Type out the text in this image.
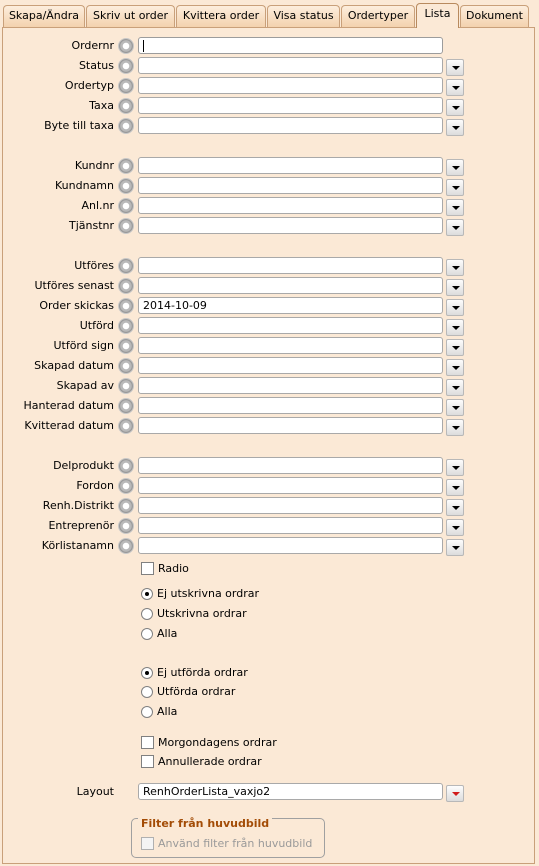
Skapa/Ändra	Skriv ut order	Kvittera order	Visa status	Ordertyper	Lista	Dokument
Ordernr
Status
Ordertyp
Taxa
Byte till taxa
Kundnr
Kundnamn
Anl.nr
Tjänstnr
Utföres
Utföres senast
Order skickas	2014-10-09
Utförd
Utförd sign
Skapad datum
Skapad av
Hanterad datum
Kvitterad datum
Delprodukt
Fordon
Renh.Distrikt
Entreprenör
Körlistanamn
Radio
Ej utskrivna ordrar
Utskrivna ordrar
Alla
Ej utförda ordrar
Utförda ordrar
Alla
Morgondagens ordrar
Annullerade ordrar
Layout	RenhOrderLista_vaxjo2
Filter från huvudbild
Använd filter från huvudbild
